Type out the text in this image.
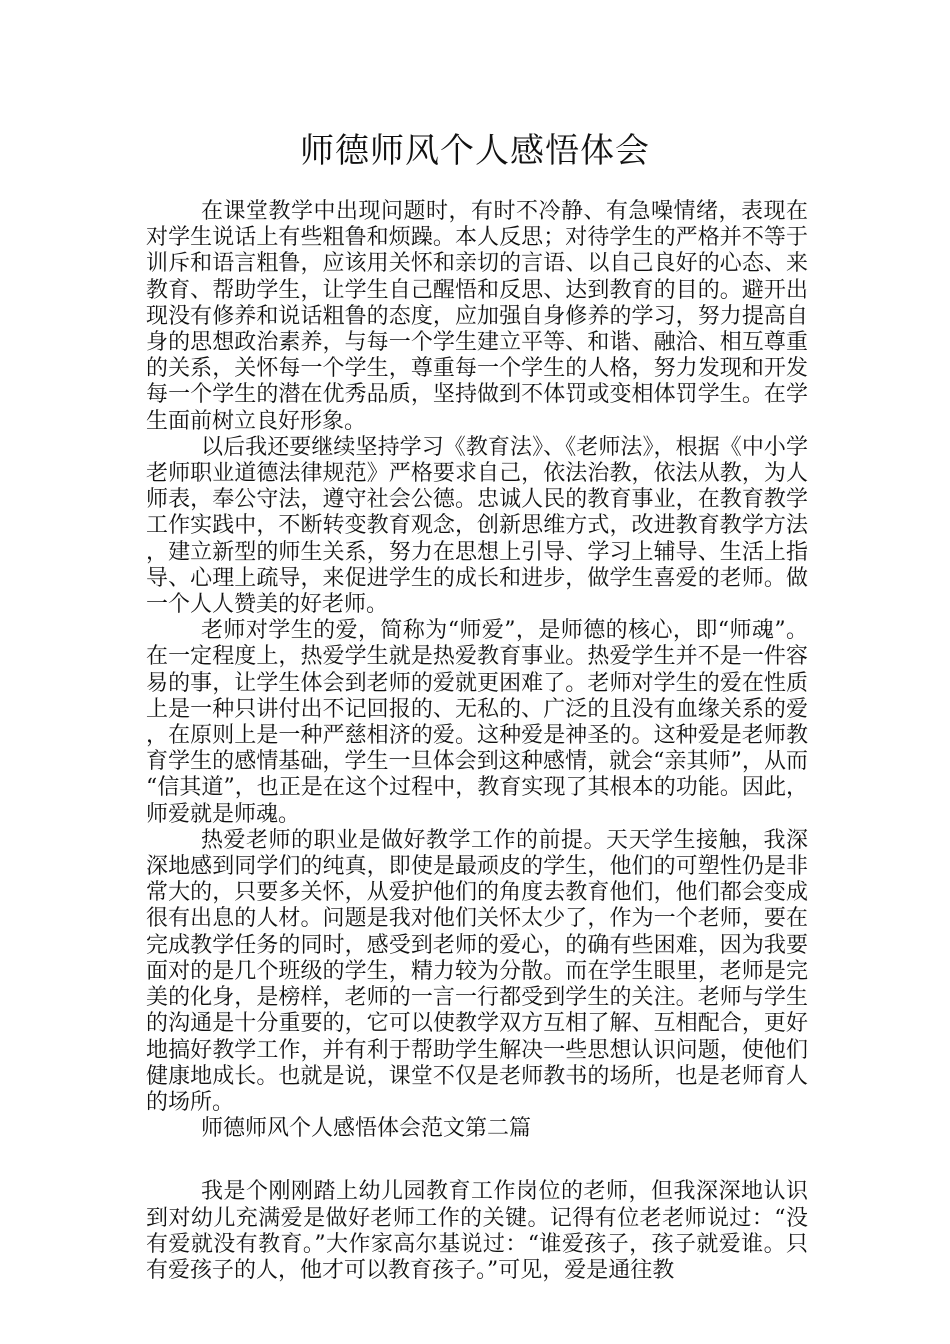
师德师风个人感悟体会

在课堂教学中出现问题时，有时不冷静、有急噪情绪，表现在对学生说话上有些粗鲁和烦躁。本人反思；对待学生的严格并不等于训斥和语言粗鲁，应该用关怀和亲切的言语、以自己良好的心态、来教育、帮助学生，让学生自己醒悟和反思、达到教育的目的。避开出现没有修养和说话粗鲁的态度，应加强自身修养的学习，努力提高自身的思想政治素养，与每一个学生建立平等、和谐、融洽、相互尊重的关系，关怀每一个学生，尊重每一个学生的人格，努力发现和开发每一个学生的潜在优秀品质，坚持做到不体罚或变相体罚学生。在学生面前树立良好形象。

以后我还要继续坚持学习《教育法》、《老师法》，根据《中小学老师职业道德法律规范》严格要求自己，依法治教，依法从教，为人师表，奉公守法，遵守社会公德。忠诚人民的教育事业，在教育教学工作实践中，不断转变教育观念，创新思维方式，改进教育教学方法，建立新型的师生关系，努力在思想上引导、学习上辅导、生活上指导、心理上疏导，来促进学生的成长和进步，做学生喜爱的老师。做一个人人赞美的好老师。

老师对学生的爱，简称为“师爱”，是师德的核心，即“师魂”。在一定程度上，热爱学生就是热爱教育事业。热爱学生并不是一件容易的事，让学生体会到老师的爱就更困难了。老师对学生的爱在性质上是一种只讲付出不记回报的、无私的、广泛的且没有血缘关系的爱，在原则上是一种严慈相济的爱。这种爱是神圣的。这种爱是老师教育学生的感情基础，学生一旦体会到这种感情，就会“亲其师”，从而“信其道”，也正是在这个过程中，教育实现了其根本的功能。因此，师爱就是师魂。

热爱老师的职业是做好教学工作的前提。天天学生接触，我深深地感到同学们的纯真，即使是最顽皮的学生，他们的可塑性仍是非常大的，只要多关怀，从爱护他们的角度去教育他们，他们都会变成很有出息的人材。问题是我对他们关怀太少了，作为一个老师，要在完成教学任务的同时，感受到老师的爱心，的确有些困难，因为我要面对的是几个班级的学生，精力较为分散。而在学生眼里，老师是完美的化身，是榜样，老师的一言一行都受到学生的关注。老师与学生的沟通是十分重要的，它可以使教学双方互相了解、互相配合，更好地搞好教学工作，并有利于帮助学生解决一些思想认识问题，使他们健康地成长。也就是说，课堂不仅是老师教书的场所，也是老师育人的场所。

师德师风个人感悟体会范文第二篇

我是个刚刚踏上幼儿园教育工作岗位的老师，但我深深地认识到对幼儿充满爱是做好老师工作的关键。记得有位老老师说过：“没有爱就没有教育。”大作家高尔基说过：“谁爱孩子，孩子就爱谁。只有爱孩子的人，他才可以教育孩子。”可见，爱是通往教
